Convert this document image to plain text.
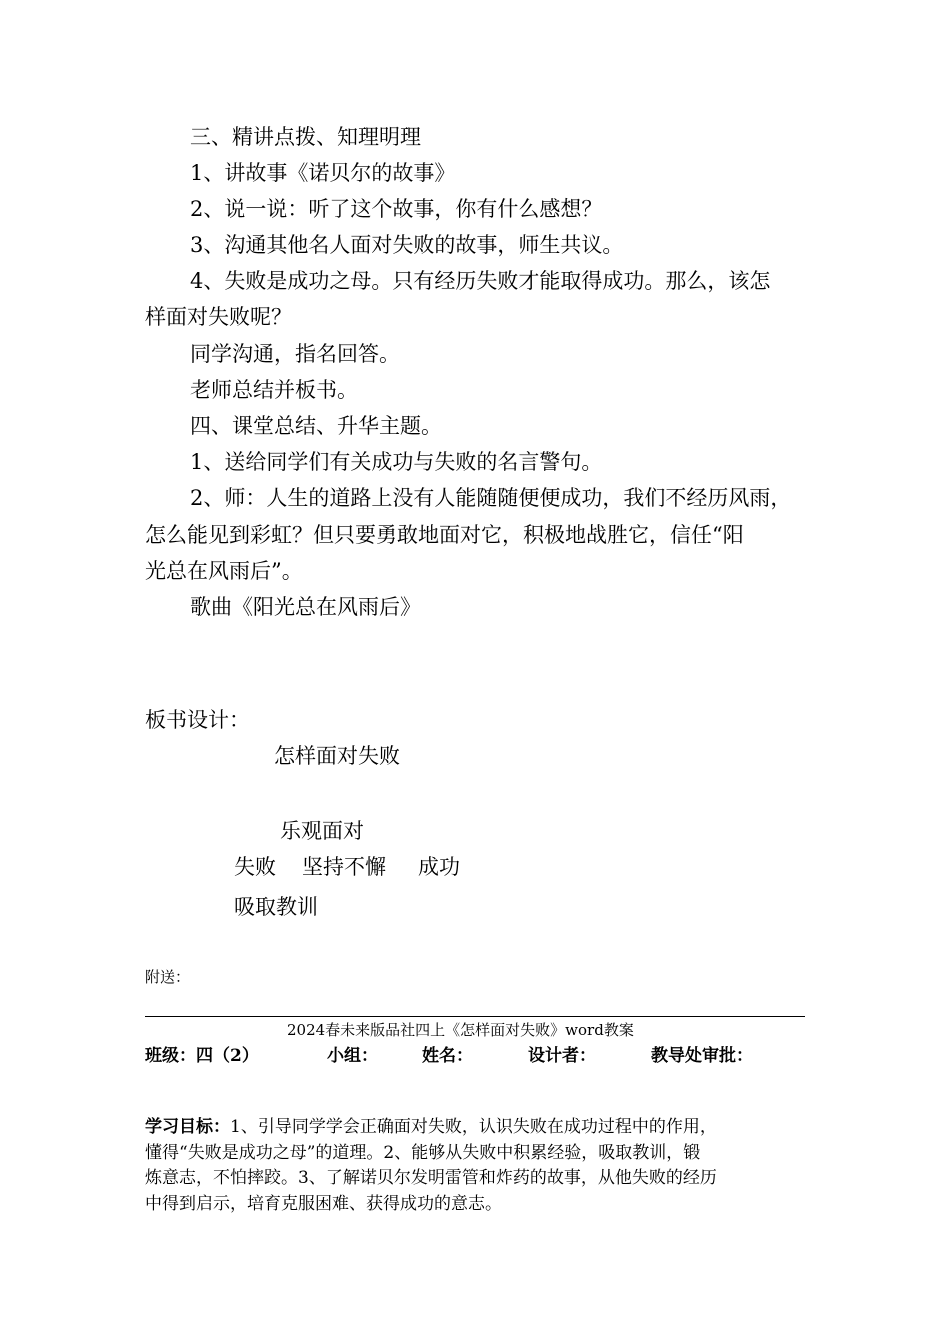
三、精讲点拨、知理明理
1、讲故事《诺贝尔的故事》
2、说一说：听了这个故事，你有什么感想？
3、沟通其他名人面对失败的故事，师生共议。
4、失败是成功之母。只有经历失败才能取得成功。那么，该怎
样面对失败呢？
同学沟通，指名回答。
老师总结并板书。
四、课堂总结、升华主题。
1、送给同学们有关成功与失败的名言警句。
2、师：人生的道路上没有人能随随便便成功，我们不经历风雨，
怎么能见到彩虹？但只要勇敢地面对它，积极地战胜它，信任“阳
光总在风雨后”。
歌曲《阳光总在风雨后》
板书设计：
怎样面对失败
乐观面对
失败 坚持不懈 成功
吸取教训
附送：
2024春未来版品社四上《怎样面对失败》word教案
班级：四（2）	小组：	姓名：	设计者：	教导处审批：
学习目标：1、引导同学学会正确面对失败，认识失败在成功过程中的作用，
懂得“失败是成功之母”的道理。2、能够从失败中积累经验，吸取教训，锻
炼意志，不怕摔跤。3、了解诺贝尔发明雷管和炸药的故事，从他失败的经历
中得到启示，培育克服困难、获得成功的意志。
